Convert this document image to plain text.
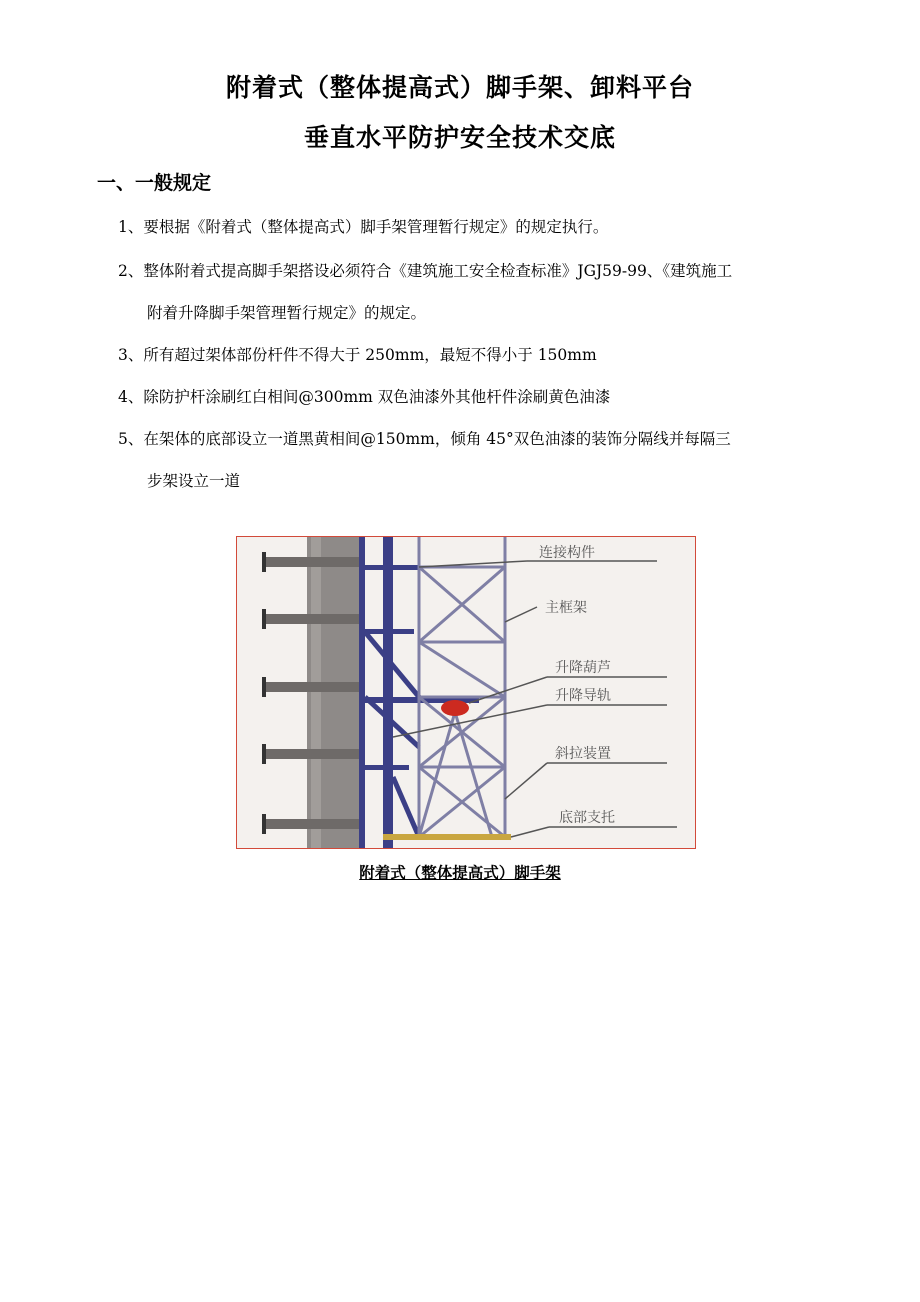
附着式（整体提高式）脚手架、卸料平台
垂直水平防护安全技术交底
一、一般规定
1、要根据《附着式（整体提高式）脚手架管理暂行规定》的规定执行。
2、整体附着式提高脚手架搭设必须符合《建筑施工安全检查标准》JGJ59-99、《建筑施工
附着升降脚手架管理暂行规定》的规定。
3、所有超过架体部份杆件不得大于 250mm，最短不得小于 150mm
4、除防护杆涂刷红白相间@300mm 双色油漆外其他杆件涂刷黄色油漆
5、在架体的底部设立一道黑黄相间@150mm，倾角 45°双色油漆的装饰分隔线并每隔三
步架设立一道
连接构件
主框架
升降葫芦
升降导轨
斜拉装置
底部支托
附着式（整体提高式）脚手架
